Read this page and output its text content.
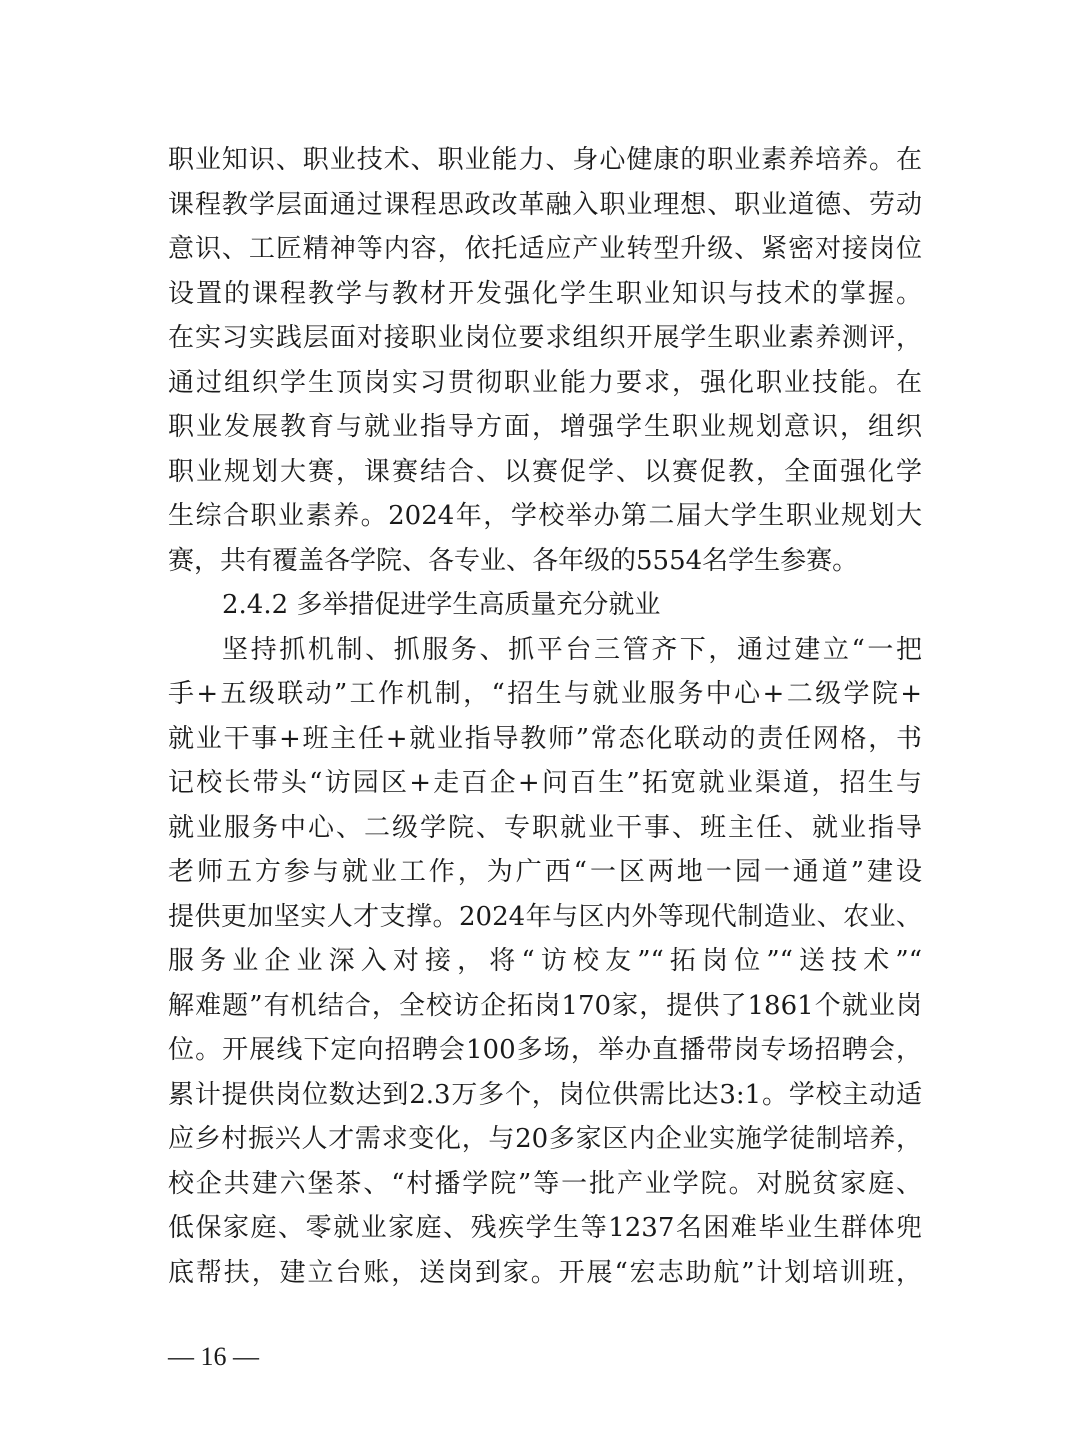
职业知识、职业技术、职业能力、身心健康的职业素养培养。在
课程教学层面通过课程思政改革融入职业理想、职业道德、劳动
意识、工匠精神等内容，依托适应产业转型升级、紧密对接岗位
设置的课程教学与教材开发强化学生职业知识与技术的掌握。
在实习实践层面对接职业岗位要求组织开展学生职业素养测评，
通过组织学生顶岗实习贯彻职业能力要求，强化职业技能。在
职业发展教育与就业指导方面，增强学生职业规划意识，组织
职业规划大赛，课赛结合、以赛促学、以赛促教，全面强化学
生综合职业素养。2024年，学校举办第二届大学生职业规划大
赛，共有覆盖各学院、各专业、各年级的5554名学生参赛。
2.4.2 多举措促进学生高质量充分就业
坚持抓机制、抓服务、抓平台三管齐下，通过建立“一把
手+五级联动”工作机制，“招生与就业服务中心+二级学院+
就业干事+班主任+就业指导教师”常态化联动的责任网格，书
记校长带头“访园区+走百企+问百生”拓宽就业渠道，招生与
就业服务中心、二级学院、专职就业干事、班主任、就业指导
老师五方参与就业工作，为广西“一区两地一园一通道”建设
提供更加坚实人才支撑。2024年与区内外等现代制造业、农业、
服务业企业深入对接，将“访校友”“拓岗位”“送技术”“
解难题”有机结合，全校访企拓岗170家，提供了1861个就业岗
位。开展线下定向招聘会100多场，举办直播带岗专场招聘会，
累计提供岗位数达到2.3万多个，岗位供需比达3:1。学校主动适
应乡村振兴人才需求变化，与20多家区内企业实施学徒制培养，
校企共建六堡茶、“村播学院”等一批产业学院。对脱贫家庭、
低保家庭、零就业家庭、残疾学生等1237名困难毕业生群体兜
底帮扶，建立台账，送岗到家。开展“宏志助航”计划培训班，
— 16 —
